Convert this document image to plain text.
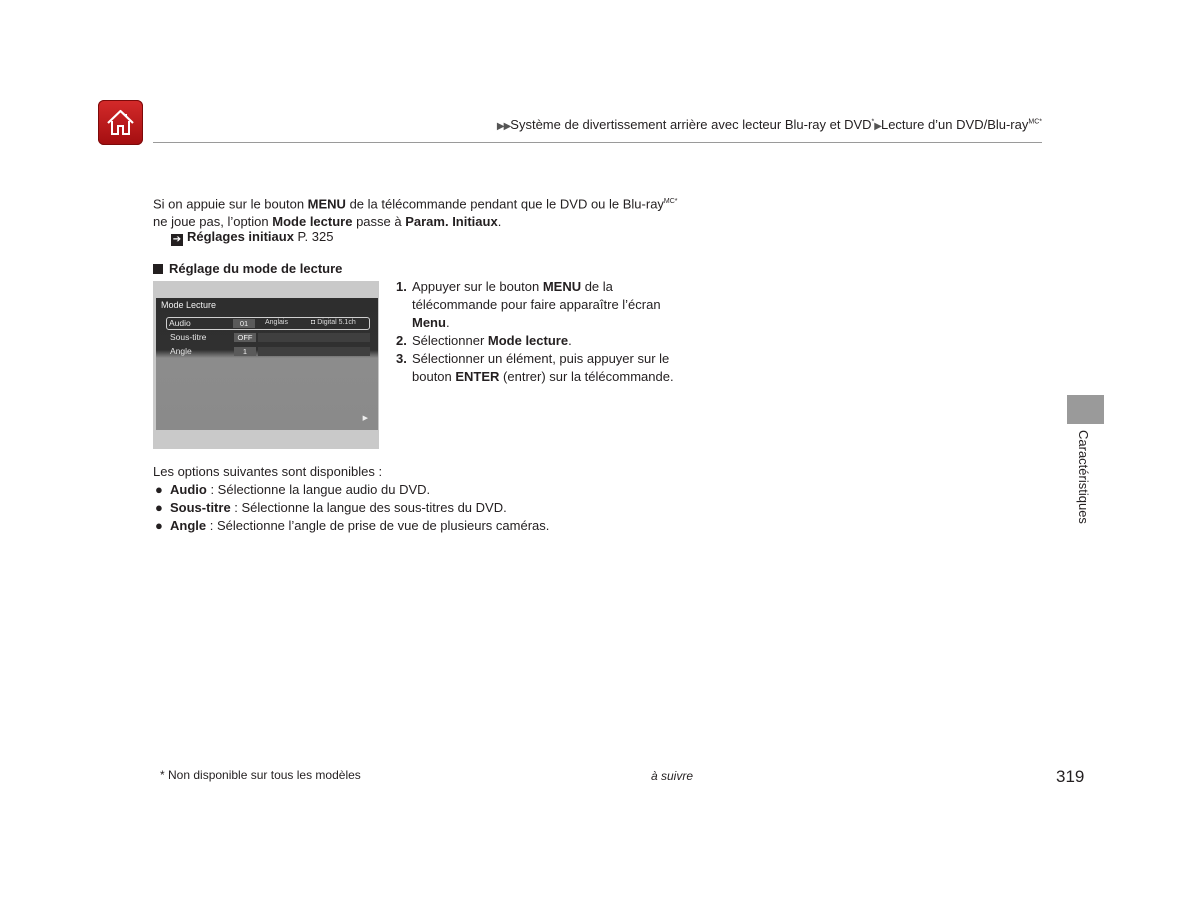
▶▶Système de divertissement arrière avec lecteur Blu-ray et DVD*▶Lecture d’un DVD/Blu-ray$^{MC*}$

Si on appuie sur le bouton MENU de la télécommande pendant que le DVD ou le Blu-ray$^{MC*}$
ne joue pas, l’option Mode lecture passe à Param. Initiaux.

➔ Réglages initiaux P. 325
Réglage du mode de lecture
Mode Lecture
Audio	01	Anglais	◘ Digital 5.1ch
Sous-titre	OFF
Angle	1
▶
1. Appuyer sur le bouton MENU de la télécommande pour faire apparaître l’écran Menu.
2. Sélectionner Mode lecture.
3. Sélectionner un élément, puis appuyer sur le bouton ENTER (entrer) sur la télécommande.

Les options suivantes sont disponibles :

● Audio : Sélectionne la langue audio du DVD.
● Sous-titre : Sélectionne la langue des sous-titres du DVD.
● Angle : Sélectionne l’angle de prise de vue de plusieurs caméras.
Caractéristiques
* Non disponible sur tous les modèles	à suivre	319
